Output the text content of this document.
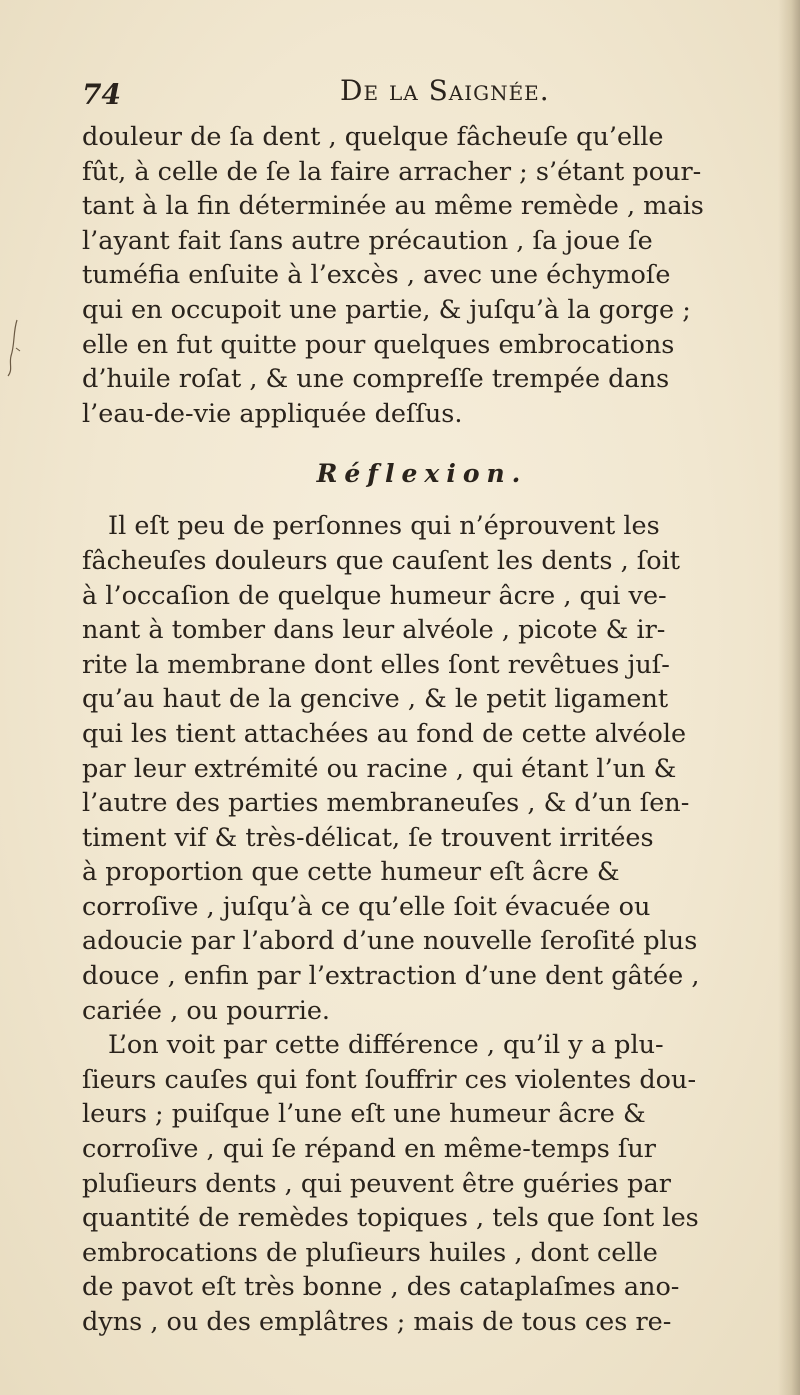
74	De la Saignée.
douleur de ſa dent , quelque fâcheuſe qu’elle
fût, à celle de ſe la faire arracher ; s’étant pour-
tant à la fin déterminée au même remède , mais
l’ayant fait ſans autre précaution , ſa joue ſe
tuméfia enſuite à l’excès , avec une échymoſe
qui en occupoit une partie, & juſqu’à la gorge ;
elle en fut quitte pour quelques embrocations
d’huile roſat , & une compreſſe trempée dans
l’eau-de-vie appliquée deſſus.
Réflexion.
Il eſt peu de perſonnes qui n’éprouvent les
fâcheuſes douleurs que cauſent les dents , ſoit
à l’occaſion de quelque humeur âcre , qui ve-
nant à tomber dans leur alvéole , picote & ir-
rite la membrane dont elles ſont revêtues juſ-
qu’au haut de la gencive , & le petit ligament
qui les tient attachées au fond de cette alvéole
par leur extrémité ou racine , qui étant l’un &
l’autre des parties membraneuſes , & d’un ſen-
timent vif & très-délicat, ſe trouvent irritées
à proportion que cette humeur eſt âcre &
corroſive , juſqu’à ce qu’elle ſoit évacuée ou
adoucie par l’abord d’une nouvelle ſeroſité plus
douce , enfin par l’extraction d’une dent gâtée ,
cariée , ou pourrie.
L’on voit par cette différence , qu’il y a plu-
ſieurs cauſes qui font ſouffrir ces violentes dou-
leurs ; puiſque l’une eſt une humeur âcre &
corroſive , qui ſe répand en même-temps ſur
pluſieurs dents , qui peuvent être guéries par
quantité de remèdes topiques , tels que ſont les
embrocations de pluſieurs huiles , dont celle
de pavot eſt très bonne , des cataplaſmes ano-
dyns , ou des emplâtres ; mais de tous ces re-
